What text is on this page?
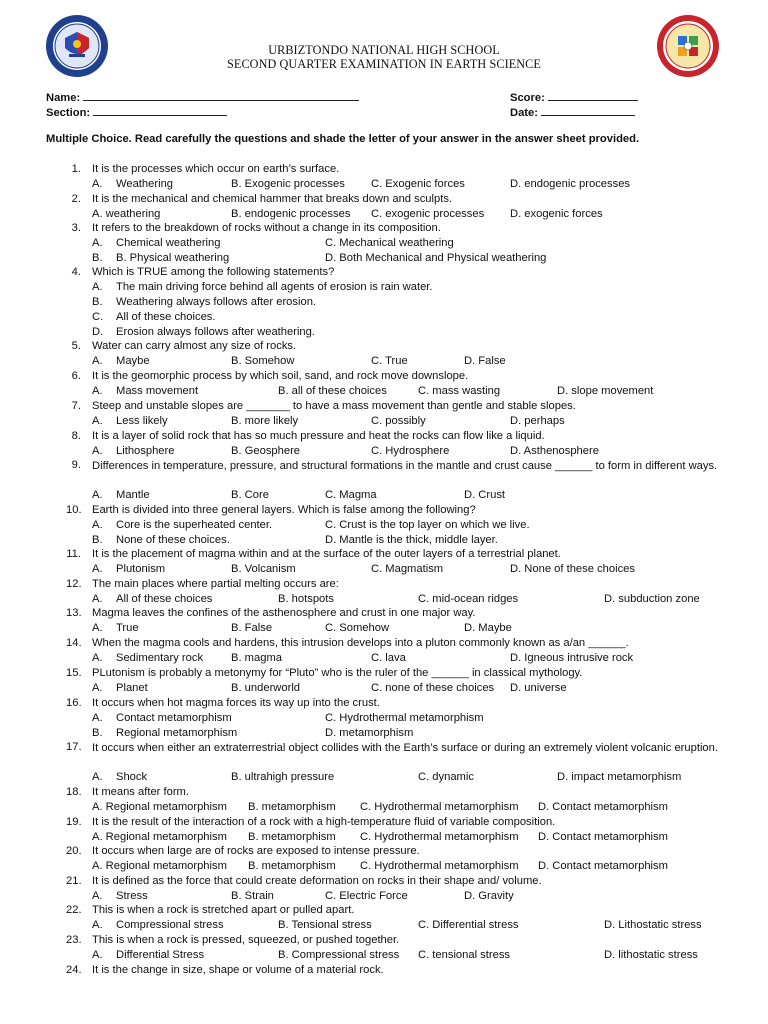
URBIZTONDO NATIONAL HIGH SCHOOL
SECOND QUARTER EXAMINATION IN EARTH SCIENCE
Name:
Section:
Score:
Date:
Multiple Choice. Read carefully the questions and shade the letter of your answer in the answer sheet provided.
1. It is the processes which occur on earth’s surface.
A. Weathering	B. Exogenic processes C. Exogenic forces	D. endogenic processes
2. It is the mechanical and chemical hammer that breaks down and sculpts.
A. weathering	B. endogenic processes C. exogenic processes D. exogenic forces
3. It refers to the breakdown of rocks without a change in its composition.
A. Chemical weathering	C. Mechanical weathering
B. B. Physical weathering	D. Both Mechanical and Physical weathering
4. Which is TRUE among the following statements?
A. The main driving force behind all agents of erosion is rain water.
B. Weathering always follows after erosion.
C. All of these choices.
D. Erosion always follows after weathering.
5. Water can carry almost any size of rocks.
A. Maybe	B. Somehow	C. True	D. False
6. It is the geomorphic process by which soil, sand, and rock move downslope.
A. Mass movement	B. all of these choices	C. mass wasting	D. slope movement
7. Steep and unstable slopes are _______ to have a mass movement than gentle and stable slopes.
A. Less likely	B. more likely	C. possibly	D. perhaps
8. It is a layer of solid rock that has so much pressure and heat the rocks can flow like a liquid.
A. Lithosphere	B. Geosphere	C. Hydrosphere	D. Asthenosphere
9. Differences in temperature, pressure, and structural formations in the mantle and crust cause ______ to form in different ways.
A. Mantle	B. Core	C. Magma	D. Crust
10. Earth is divided into three general layers. Which is false among the following?
A. Core is the superheated center.	C. Crust is the top layer on which we live.
B. None of these choices.	D. Mantle is the thick, middle layer.
11. It is the placement of magma within and at the surface of the outer layers of a terrestrial planet.
A. Plutonism	B. Volcanism	C. Magmatism	D. None of these choices
12. The main places where partial melting occurs are:
A. All of these choices	B. hotspots	C. mid-ocean ridges	D. subduction zone
13. Magma leaves the confines of the asthenosphere and crust in one major way.
A. True	B. False	C. Somehow	D. Maybe
14. When the magma cools and hardens, this intrusion develops into a pluton commonly known as a/an ______.
A. Sedimentary rock B. magma	C. lava	D. Igneous intrusive rock
15. PLutonism is probably a metonymy for “Pluto” who is the ruler of the ______ in classical mythology.
A. Planet	B. underworld	C. none of these choices D. universe
16. It occurs when hot magma forces its way up into the crust.
A. Contact metamorphism	C. Hydrothermal metamorphism
B. Regional metamorphism	D. metamorphism
17. It occurs when either an extraterrestrial object collides with the Earth’s surface or during an extremely violent volcanic eruption.
A. Shock	B. ultrahigh pressure	C. dynamic	D. impact metamorphism
18. It means after form.
A. Regional metamorphism B. metamorphism C. Hydrothermal metamorphism D. Contact metamorphism
19. It is the result of the interaction of a rock with a high-temperature fluid of variable composition.
A. Regional metamorphism B. metamorphism C. Hydrothermal metamorphism D. Contact metamorphism
20. It occurs when large are of rocks are exposed to intense pressure.
A. Regional metamorphism B. metamorphism C. Hydrothermal metamorphism D. Contact metamorphism
21. It is defined as the force that could create deformation on rocks in their shape and/ volume.
A. Stress	B. Strain	C. Electric Force	D. Gravity
22. This is when a rock is stretched apart or pulled apart.
A. Compressional stress	B. Tensional stress	C. Differential stress	D. Lithostatic stress
23. This is when a rock is pressed, squeezed, or pushed together.
A. Differential Stress	B. Compressional stress C. tensional stress	D. lithostatic stress
24. It is the change in size, shape or volume of a material rock.
